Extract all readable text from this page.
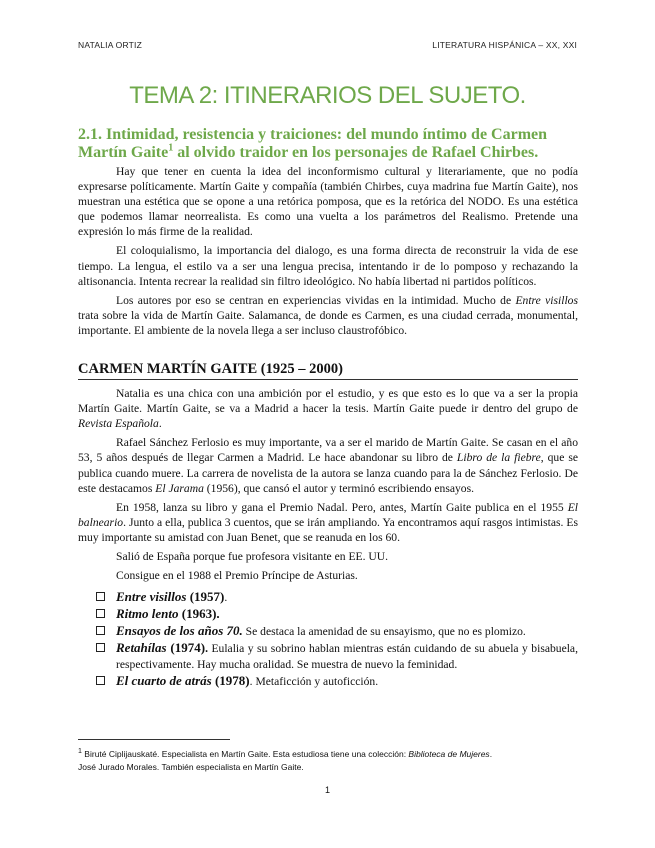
NATALIA ORTIZ	LITERATURA HISPÁNICA – XX, XXI
TEMA 2: ITINERARIOS DEL SUJETO.
2.1. Intimidad, resistencia y traiciones: del mundo íntimo de Carmen Martín Gaite$^1$ al olvido traidor en los personajes de Rafael Chirbes.

Hay que tener en cuenta la idea del inconformismo cultural y literariamente, que no podía expresarse políticamente. Martín Gaite y compañía (también Chirbes, cuya madrina fue Martín Gaite), nos muestran una estética que se opone a una retórica pomposa, que es la retórica del NODO. Es una estética que podemos llamar neorrealista. Es como una vuelta a los parámetros del Realismo. Pretende una expresión lo más firme de la realidad.

El coloquialismo, la importancia del dialogo, es una forma directa de reconstruir la vida de ese tiempo. La lengua, el estilo va a ser una lengua precisa, intentando ir de lo pomposo y rechazando la altisonancia. Intenta recrear la realidad sin filtro ideológico. No había libertad ni partidos políticos.

Los autores por eso se centran en experiencias vividas en la intimidad. Mucho de Entre visillos trata sobre la vida de Martín Gaite. Salamanca, de donde es Carmen, es una ciudad cerrada, monumental, importante. El ambiente de la novela llega a ser incluso claustrofóbico.

CARMEN MARTÍN GAITE (1925 – 2000)

Natalia es una chica con una ambición por el estudio, y es que esto es lo que va a ser la propia Martín Gaite. Martín Gaite, se va a Madrid a hacer la tesis. Martín Gaite puede ir dentro del grupo de Revista Española.

Rafael Sánchez Ferlosio es muy importante, va a ser el marido de Martín Gaite. Se casan en el año 53, 5 años después de llegar Carmen a Madrid. Le hace abandonar su libro de Libro de la fiebre, que se publica cuando muere. La carrera de novelista de la autora se lanza cuando para la de Sánchez Ferlosio. De este destacamos El Jarama (1956), que cansó el autor y terminó escribiendo ensayos.

En 1958, lanza su libro y gana el Premio Nadal. Pero, antes, Martín Gaite publica en el 1955 El balneario. Junto a ella, publica 3 cuentos, que se irán ampliando. Ya encontramos aquí rasgos intimistas. Es muy importante su amistad con Juan Benet, que se reanuda en los 60.

Salió de España porque fue profesora visitante en EE. UU.

Consigue en el 1988 el Premio Príncipe de Asturias.

Entre visillos (1957).
Ritmo lento (1963).
Ensayos de los años 70. Se destaca la amenidad de su ensayismo, que no es plomizo.
Retahílas (1974). Eulalia y su sobrino hablan mientras están cuidando de su abuela y bisabuela, respectivamente. Hay mucha oralidad. Se muestra de nuevo la feminidad.
El cuarto de atrás (1978). Metaficción y autoficción.
$^1$ Biruté Ciplijauskaté. Especialista en Martín Gaite. Esta estudiosa tiene una colección: Biblioteca de Mujeres.
José Jurado Morales. También especialista en Martín Gaite.
1
